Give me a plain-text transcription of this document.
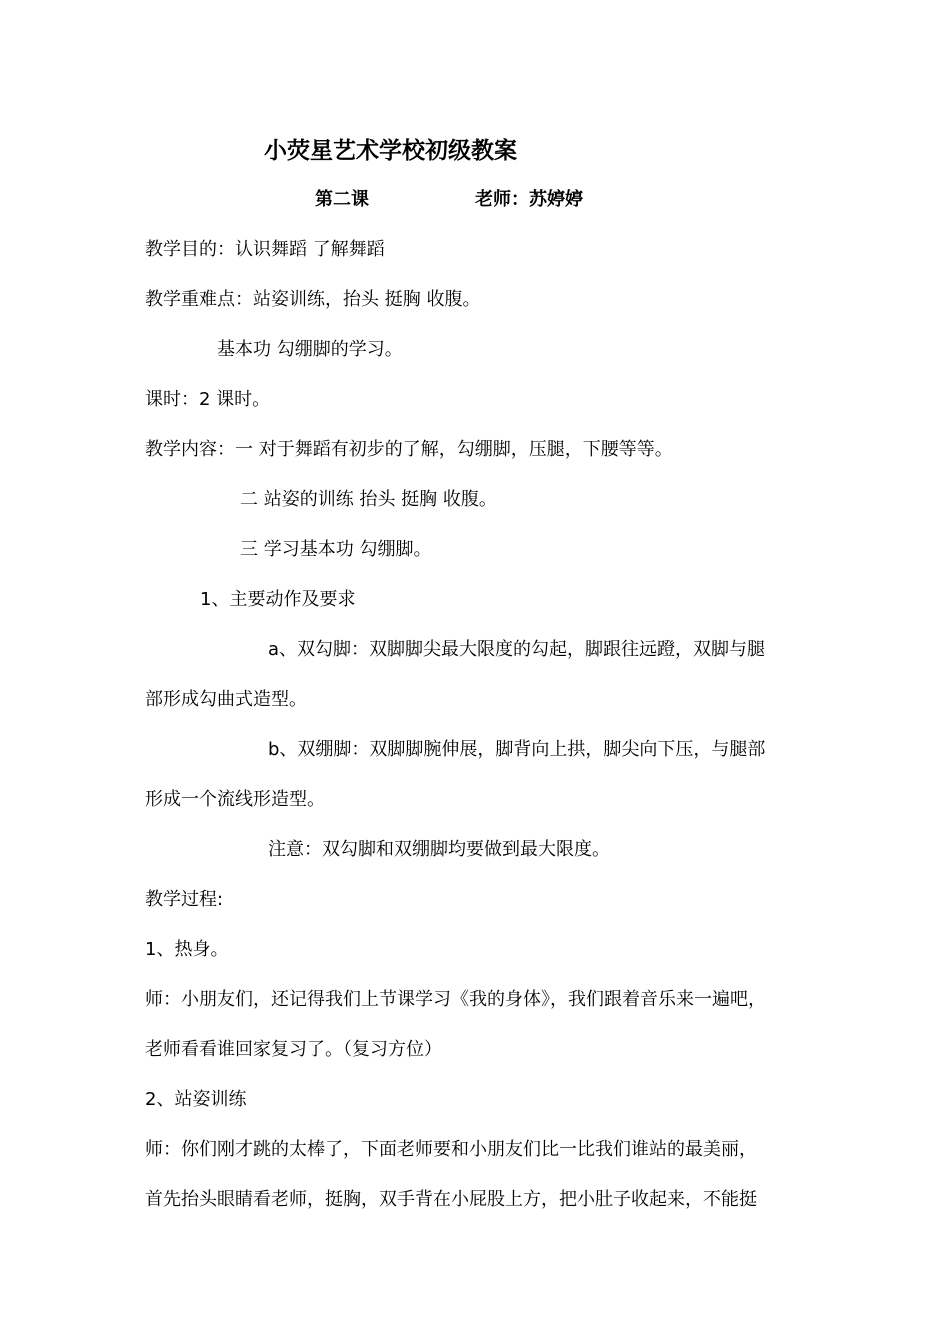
小荧星艺术学校初级教案
第二课	老师：苏婷婷
教学目的：认识舞蹈 了解舞蹈
教学重难点：站姿训练，抬头 挺胸 收腹。
基本功 勾绷脚的学习。
课时：2 课时。
教学内容：一 对于舞蹈有初步的了解，勾绷脚，压腿，下腰等等。
二 站姿的训练 抬头 挺胸 收腹。
三 学习基本功 勾绷脚。
1、主要动作及要求
a、双勾脚：双脚脚尖最大限度的勾起，脚跟往远蹬，双脚与腿
部形成勾曲式造型。
b、双绷脚：双脚脚腕伸展，脚背向上拱，脚尖向下压，与腿部
形成一个流线形造型。
注意：双勾脚和双绷脚均要做到最大限度。
教学过程:
1、热身。
师：小朋友们，还记得我们上节课学习《我的身体》，我们跟着音乐来一遍吧，
老师看看谁回家复习了。（复习方位）
2、站姿训练
师：你们刚才跳的太棒了，下面老师要和小朋友们比一比我们谁站的最美丽，
首先抬头眼睛看老师，挺胸，双手背在小屁股上方，把小肚子收起来，不能挺
